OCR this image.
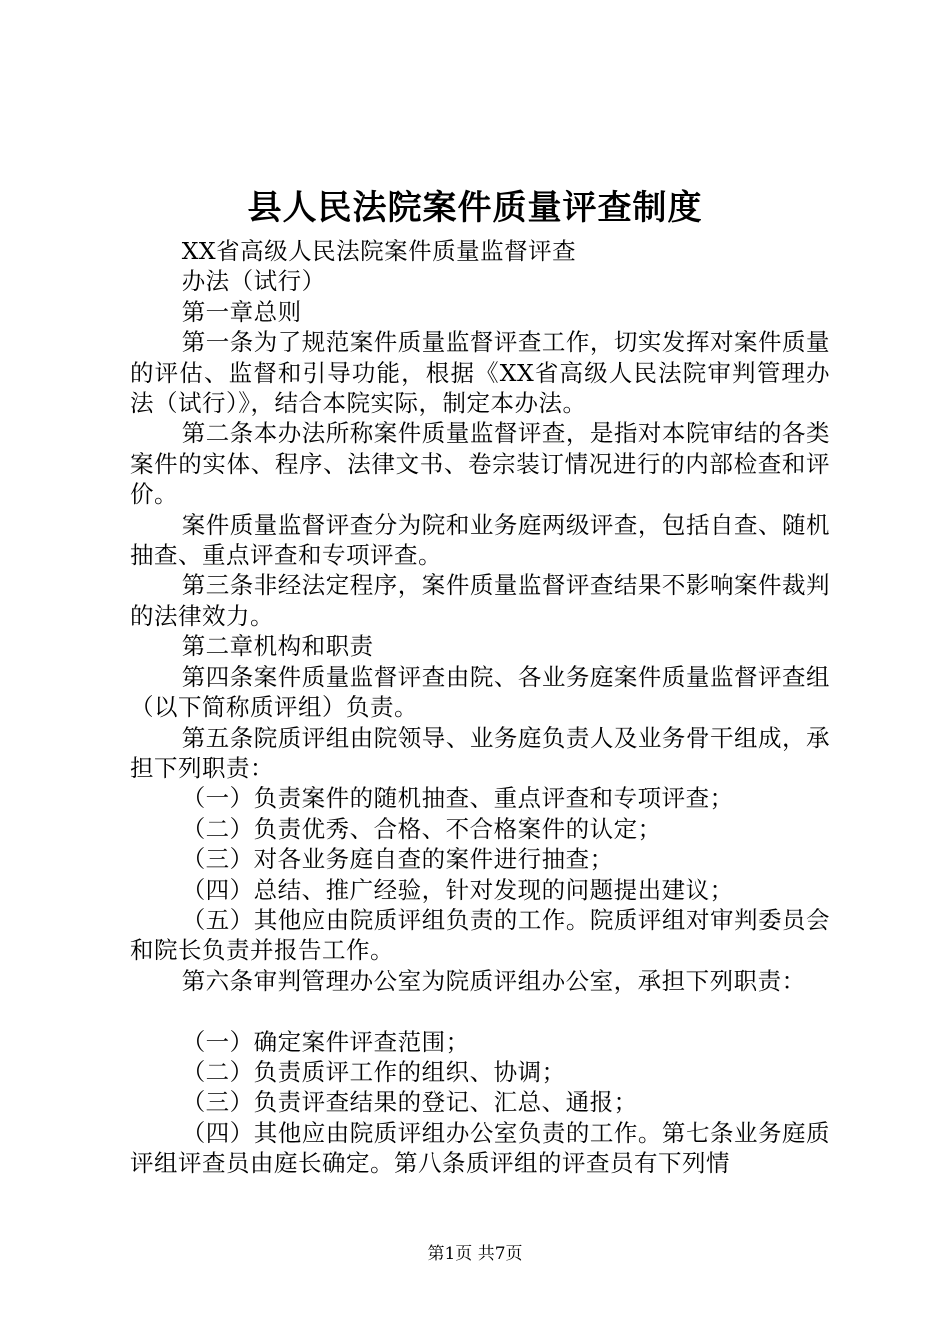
县人民法院案件质量评查制度

XX省高级人民法院案件质量监督评查

办法（试行）

第一章总则

第一条为了规范案件质量监督评查工作，切实发挥对案件质量的评估、监督和引导功能，根据《XX省高级人民法院审判管理办法（试行）》，结合本院实际，制定本办法。

第二条本办法所称案件质量监督评查，是指对本院审结的各类案件的实体、程序、法律文书、卷宗装订情况进行的内部检查和评价。

案件质量监督评查分为院和业务庭两级评查，包括自查、随机抽查、重点评查和专项评查。

第三条非经法定程序，案件质量监督评查结果不影响案件裁判的法律效力。

第二章机构和职责

第四条案件质量监督评查由院、各业务庭案件质量监督评查组（以下简称质评组）负责。

第五条院质评组由院领导、业务庭负责人及业务骨干组成，承担下列职责：

（一）负责案件的随机抽查、重点评查和专项评查；

（二）负责优秀、合格、不合格案件的认定；

（三）对各业务庭自查的案件进行抽查；

（四）总结、推广经验，针对发现的问题提出建议；

（五）其他应由院质评组负责的工作。院质评组对审判委员会和院长负责并报告工作。

第六条审判管理办公室为院质评组办公室，承担下列职责：

（一）确定案件评查范围；

（二）负责质评工作的组织、协调；

（三）负责评查结果的登记、汇总、通报；

（四）其他应由院质评组办公室负责的工作。第七条业务庭质评组评查员由庭长确定。第八条质评组的评查员有下列情

第1页 共7页
